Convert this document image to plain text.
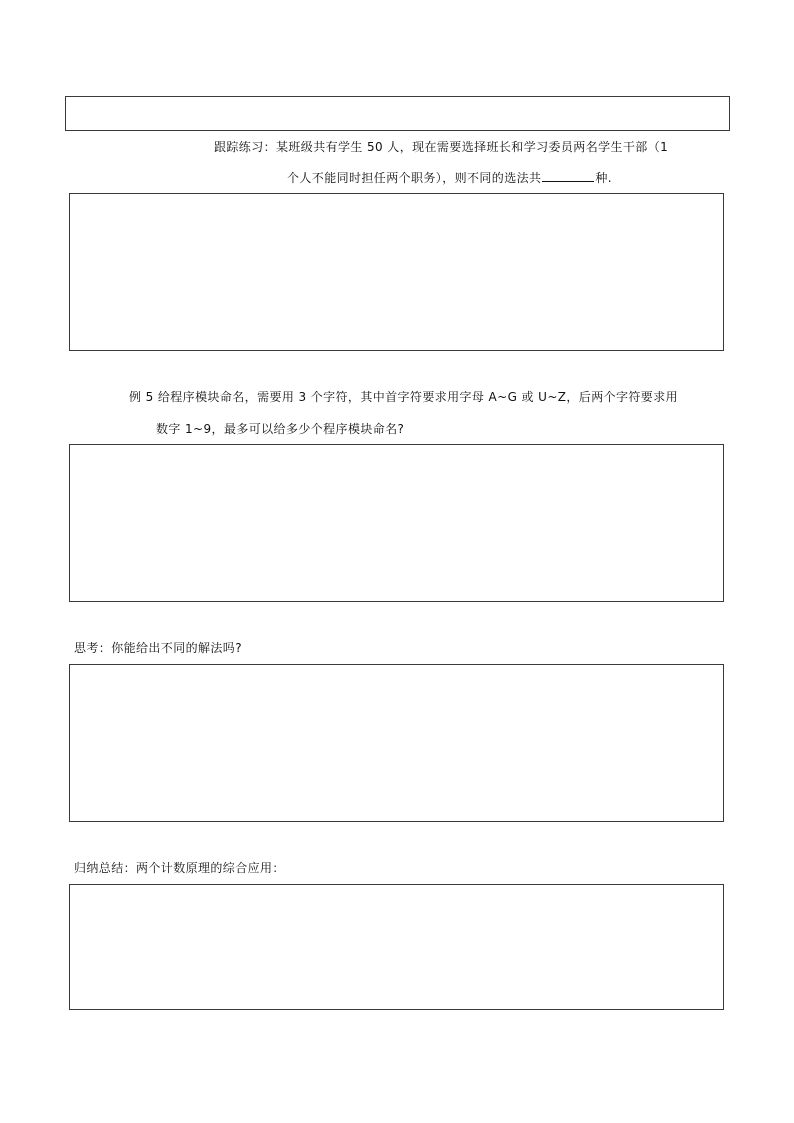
跟踪练习：某班级共有学生 50 人，现在需要选择班长和学习委员两名学生干部（1
个人不能同时担任两个职务），则不同的选法共	种.
例 5 给程序模块命名，需要用 3 个字符，其中首字符要求用字母 A~G 或 U~Z，后两个字符要求用
数字 1~9，最多可以给多少个程序模块命名?
思考：你能给出不同的解法吗?
归纳总结：两个计数原理的综合应用：
